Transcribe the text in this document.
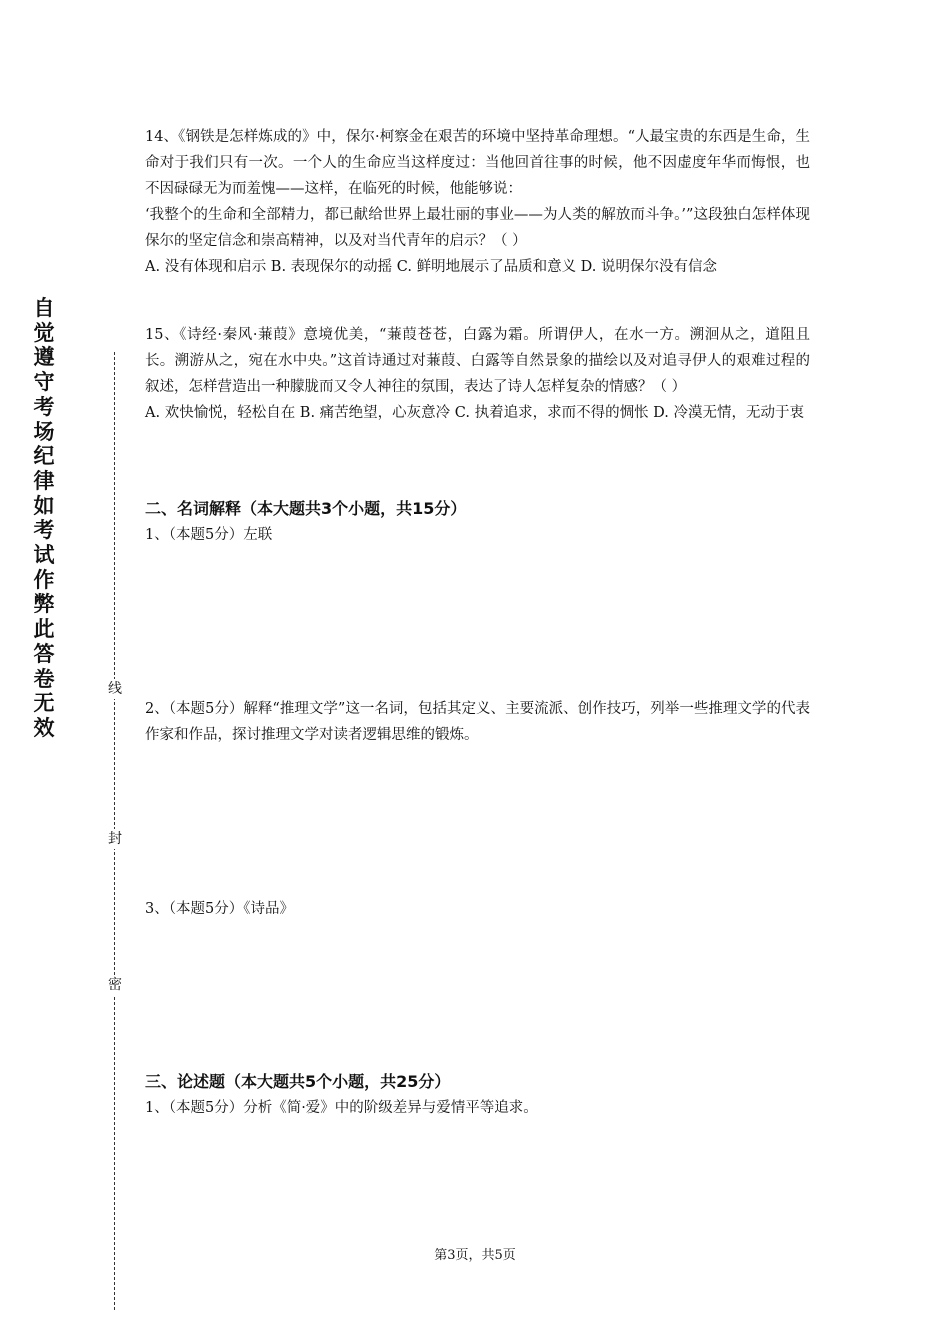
自觉遵守考场纪律如考试作弊此答卷无效
线
封
密

14、《钢铁是怎样炼成的》中，保尔·柯察金在艰苦的环境中坚持革命理想。“人最宝贵的东西是生命，生命对于我们只有一次。一个人的生命应当这样度过：当他回首往事的时候，他不因虚度年华而悔恨，也不因碌碌无为而羞愧——这样，在临死的时候，他能够说：

‘我整个的生命和全部精力，都已献给世界上最壮丽的事业——为人类的解放而斗争。’”这段独白怎样体现保尔的坚定信念和崇高精神，以及对当代青年的启示？（ ）

A. 没有体现和启示 B. 表现保尔的动摇 C. 鲜明地展示了品质和意义 D. 说明保尔没有信念

15、《诗经·秦风·蒹葭》意境优美，“蒹葭苍苍，白露为霜。所谓伊人，在水一方。溯洄从之，道阻且长。溯游从之，宛在水中央。”这首诗通过对蒹葭、白露等自然景象的描绘以及对追寻伊人的艰难过程的叙述，怎样营造出一种朦胧而又令人神往的氛围，表达了诗人怎样复杂的情感？（ ）

A. 欢快愉悦，轻松自在 B. 痛苦绝望，心灰意冷 C. 执着追求，求而不得的惆怅 D. 冷漠无情，无动于衷

二、名词解释（本大题共3个小题，共15分）

1、（本题5分）左联

2、（本题5分）解释“推理文学”这一名词，包括其定义、主要流派、创作技巧，列举一些推理文学的代表作家和作品，探讨推理文学对读者逻辑思维的锻炼。

3、（本题5分）《诗品》

三、论述题（本大题共5个小题，共25分）

1、（本题5分）分析《简·爱》中的阶级差异与爱情平等追求。

第3页，共5页
